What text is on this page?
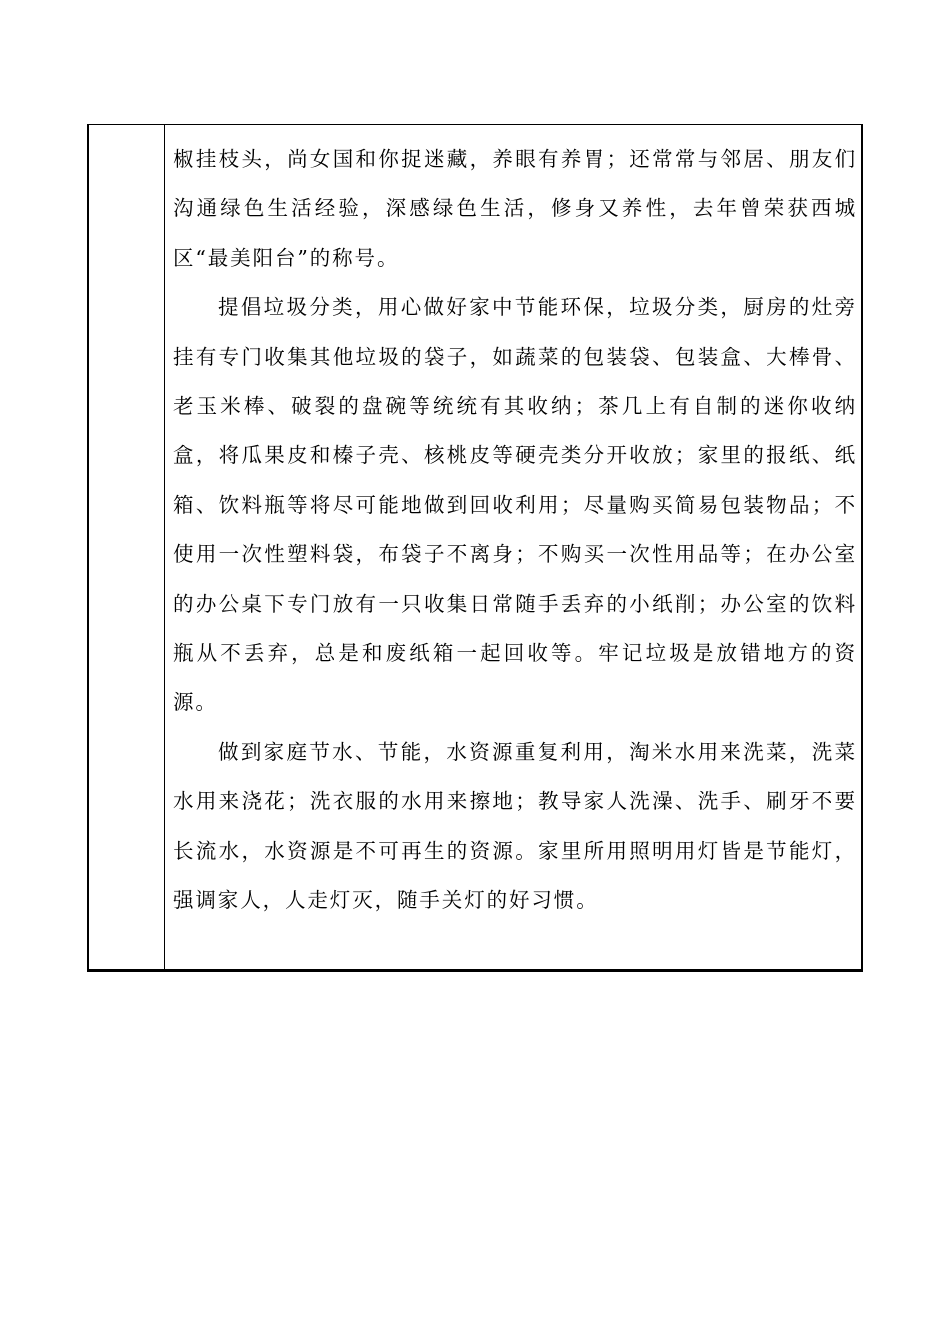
椒挂枝头，尚女国和你捉迷藏，养眼有养胃；还常常与邻居、朋友们沟通绿色生活经验，深感绿色生活，修身又养性，去年曾荣获西城区“最美阳台”的称号。

提倡垃圾分类，用心做好家中节能环保，垃圾分类，厨房的灶旁挂有专门收集其他垃圾的袋子，如蔬菜的包装袋、包装盒、大棒骨、老玉米棒、破裂的盘碗等统统有其收纳；茶几上有自制的迷你收纳盒，将瓜果皮和榛子壳、核桃皮等硬壳类分开收放；家里的报纸、纸箱、饮料瓶等将尽可能地做到回收利用；尽量购买简易包装物品；不使用一次性塑料袋，布袋子不离身；不购买一次性用品等；在办公室的办公桌下专门放有一只收集日常随手丢弃的小纸削；办公室的饮料瓶从不丢弃，总是和废纸箱一起回收等。牢记垃圾是放错地方的资源。

做到家庭节水、节能，水资源重复利用，淘米水用来洗菜，洗菜水用来浇花；洗衣服的水用来擦地；教导家人洗澡、洗手、刷牙不要长流水，水资源是不可再生的资源。家里所用照明用灯皆是节能灯，强调家人，人走灯灭，随手关灯的好习惯。
